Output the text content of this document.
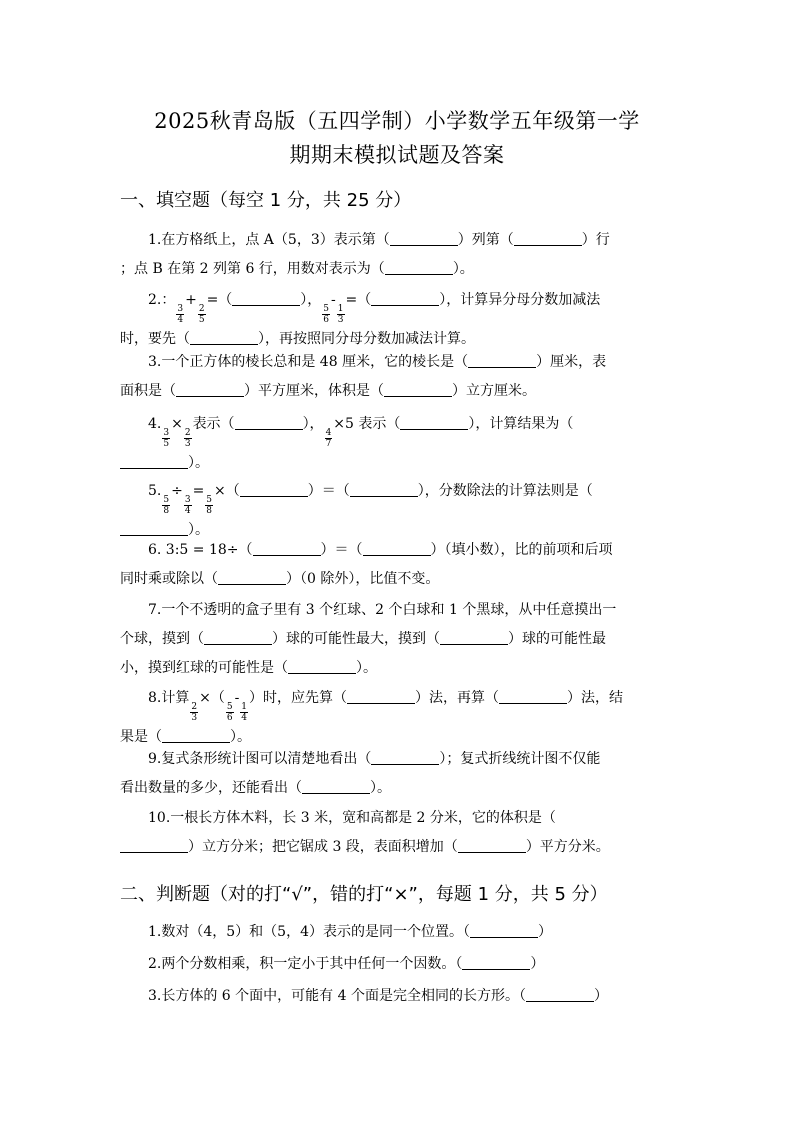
2025秋青岛版（五四学制）小学数学五年级第一学
期期末模拟试题及答案
一、填空题（每空 1 分，共 25 分）
1.在方格纸上，点 A（5，3）表示第（	）列第（	）行
；点 B 在第 2 列第 6 行，用数对表示为（	）。
2.：
$\frac{3}{4}$
+
$\frac{2}{5}$
=（	），
$\frac{5}{6}$
-
$\frac{1}{3}$
=（	），计算异分母分数加减法
时，要先（	），再按照同分母分数加减法计算。
3.一个正方体的棱长总和是 48 厘米，它的棱长是（	）厘米，表
面积是（	）平方厘米，体积是（	）立方厘米。
4.
$\frac{3}{5}$
×
$\frac{2}{3}$
表示（	），
$\frac{4}{7}$
×5 表示（	），计算结果为（
）。
5.
$\frac{5}{8}$
÷
$\frac{3}{4}$
=
$\frac{5}{8}$
×（	）＝（	），分数除法的计算法则是（
）。
6. 3:5 = 18÷（	）＝（	）（填小数），比的前项和后项
同时乘或除以（	）（0 除外），比值不变。
7.一个不透明的盒子里有 3 个红球、2 个白球和 1 个黑球，从中任意摸出一
个球，摸到（	）球的可能性最大，摸到（	）球的可能性最
小，摸到红球的可能性是（	）。
8.计算
$\frac{2}{3}$
×（
$\frac{5}{6}$
-
$\frac{1}{4}$
）时，应先算（	）法，再算（	）法，结
果是（	）。
9.复式条形统计图可以清楚地看出（	）；复式折线统计图不仅能
看出数量的多少，还能看出（	）。
10.一根长方体木料，长 3 米，宽和高都是 2 分米，它的体积是（
）立方分米；把它锯成 3 段，表面积增加（	）平方分米。
二、判断题（对的打“√”，错的打“×”，每题 1 分，共 5 分）
1.数对（4，5）和（5，4）表示的是同一个位置。（	）
2.两个分数相乘，积一定小于其中任何一个因数。（	）
3.长方体的 6 个面中，可能有 4 个面是完全相同的长方形。（	）
